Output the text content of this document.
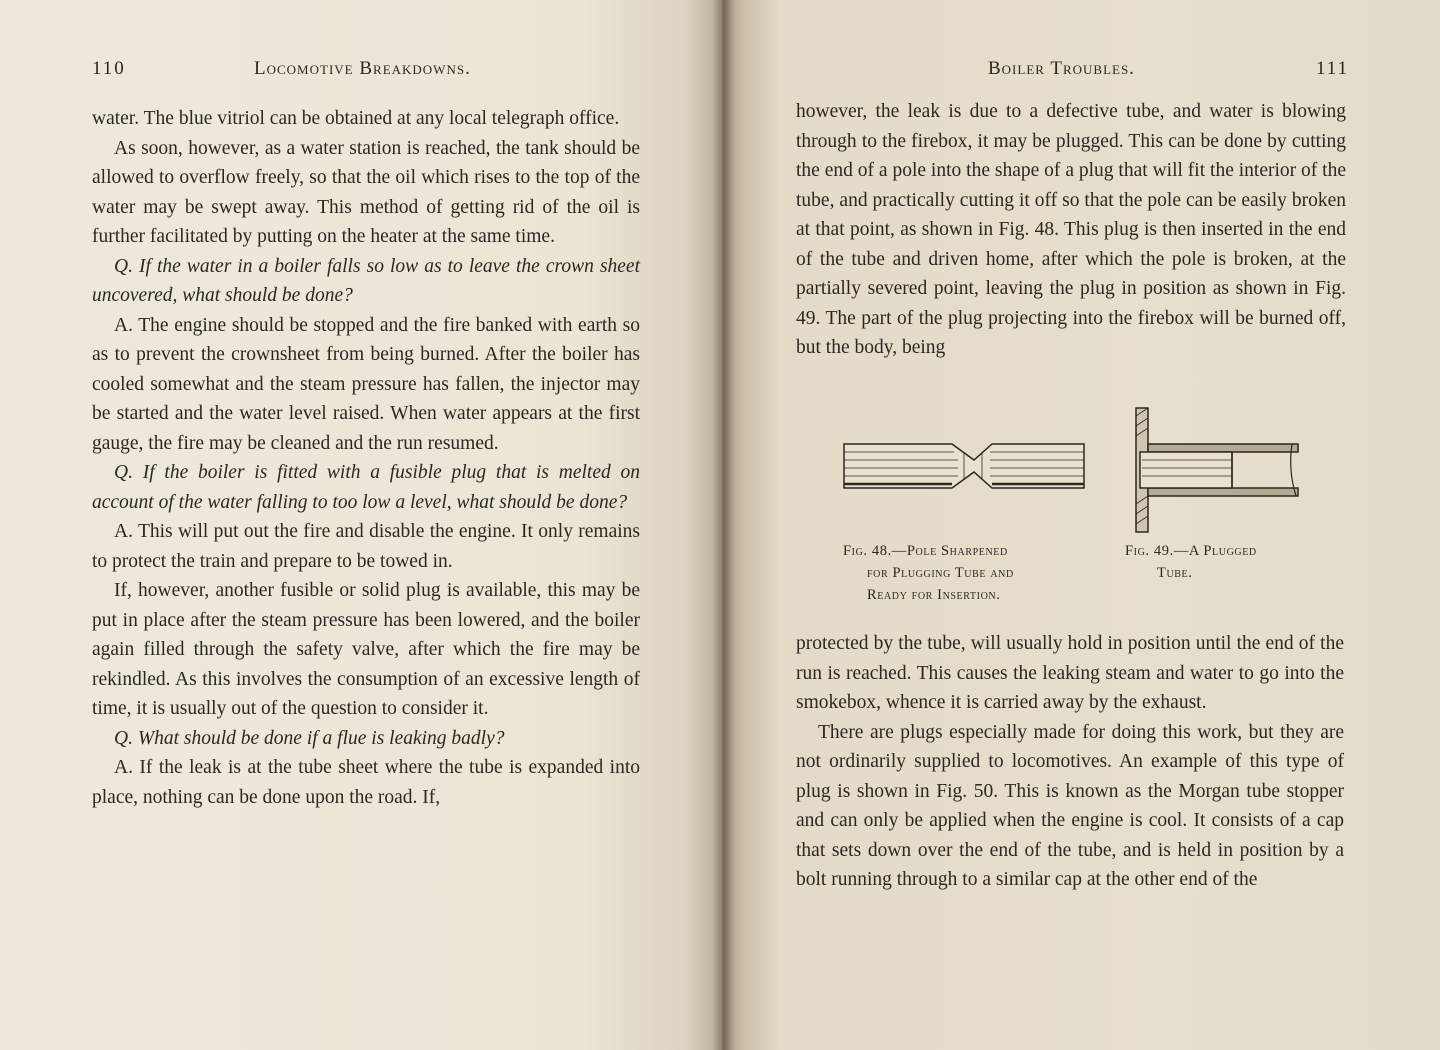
110	Locomotive Breakdowns.

water. The blue vitriol can be obtained at any local telegraph office.

As soon, however, as a water station is reached, the tank should be allowed to overflow freely, so that the oil which rises to the top of the water may be swept away. This method of getting rid of the oil is further facilitated by putting on the heater at the same time.

Q. If the water in a boiler falls so low as to leave the crown sheet uncovered, what should be done?

A. The engine should be stopped and the fire banked with earth so as to prevent the crownsheet from being burned. After the boiler has cooled somewhat and the steam pressure has fallen, the injector may be started and the water level raised. When water appears at the first gauge, the fire may be cleaned and the run resumed.

Q. If the boiler is fitted with a fusible plug that is melted on account of the water falling to too low a level, what should be done?

A. This will put out the fire and disable the engine. It only remains to protect the train and prepare to be towed in.

If, however, another fusible or solid plug is available, this may be put in place after the steam pressure has been lowered, and the boiler again filled through the safety valve, after which the fire may be rekindled. As this involves the consumption of an excessive length of time, it is usually out of the question to consider it.

Q. What should be done if a flue is leaking badly?

A. If the leak is at the tube sheet where the tube is expanded into place, nothing can be done upon the road. If,

Boiler Troubles.	111

however, the leak is due to a defective tube, and water is blowing through to the firebox, it may be plugged. This can be done by cutting the end of a pole into the shape of a plug that will fit the interior of the tube, and practically cutting it off so that the pole can be easily broken at that point, as shown in Fig. 48. This plug is then inserted in the end of the tube and driven home, after which the pole is broken, at the partially severed point, leaving the plug in position as shown in Fig. 49. The part of the plug projecting into the firebox will be burned off, but the body, being

protected by the tube, will usually hold in position until the end of the run is reached. This causes the leaking steam and water to go into the smokebox, whence it is carried away by the exhaust.

There are plugs especially made for doing this work, but they are not ordinarily supplied to locomotives. An example of this type of plug is shown in Fig. 50. This is known as the Morgan tube stopper and can only be applied when the engine is cool. It consists of a cap that sets down over the end of the tube, and is held in position by a bolt running through to a similar cap at the other end of the

Fig. 48.—Pole Sharpened
for Plugging Tube and
Ready for Insertion.
Fig. 49.—A Plugged
Tube.
